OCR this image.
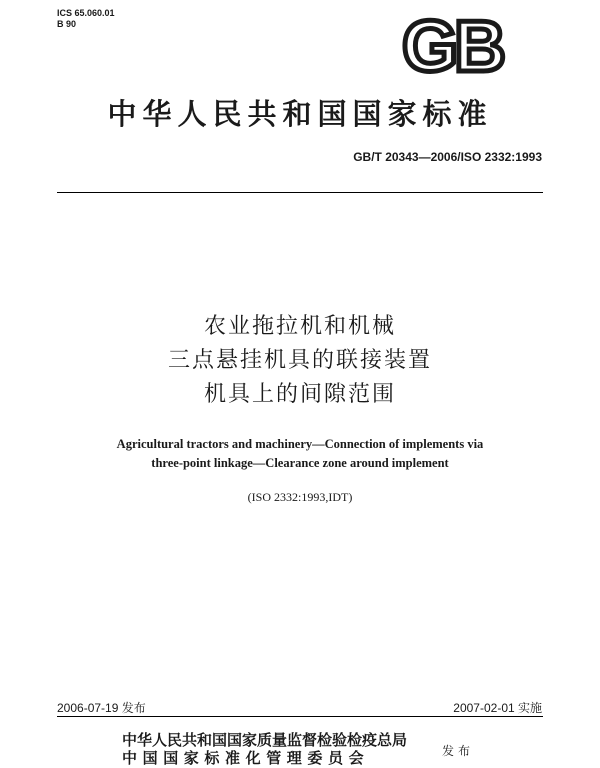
ICS 65.060.01
B 90	GB
中华人民共和国国家标准
GB/T 20343—2006/ISO 2332:1993
农业拖拉机和机械
三点悬挂机具的联接装置
机具上的间隙范围
Agricultural tractors and machinery—Connection of implements via
three-point linkage—Clearance zone around implement
(ISO 2332:1993,IDT)
2006-07-19 发布	2007-02-01 实施
中华人民共和国国家质量监督检验检疫总局
中国国家标准化管理委员会	发布
